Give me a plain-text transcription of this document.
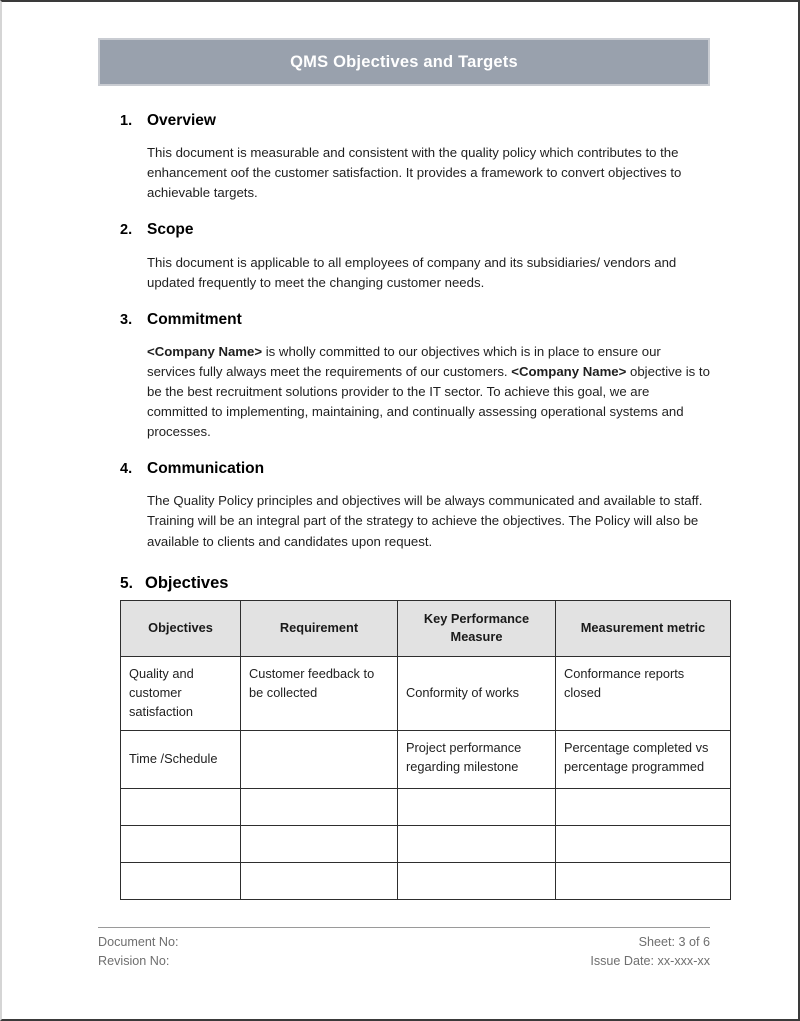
QMS Objectives and Targets
1. Overview

This document is measurable and consistent with the quality policy which contributes to the enhancement oof the customer satisfaction. It provides a framework to convert objectives to achievable targets.

2. Scope

This document is applicable to all employees of company and its subsidiaries/ vendors and updated frequently to meet the changing customer needs.

3. Commitment

<Company Name> is wholly committed to our objectives which is in place to ensure our services fully always meet the requirements of our customers. <Company Name> objective is to be the best recruitment solutions provider to the IT sector. To achieve this goal, we are committed to implementing, maintaining, and continually assessing operational systems and processes.

4. Communication

The Quality Policy principles and objectives will be always communicated and available to staff. Training will be an integral part of the strategy to achieve the objectives. The Policy will also be available to clients and candidates upon request.

5. Objectives
Objectives	Requirement	Key Performance Measure	Measurement metric
Quality and customer satisfaction	Customer feedback to be collected	Conformity of works	Conformance reports closed
Time /Schedule		Project performance regarding milestone	Percentage completed vs percentage programmed

Document No:	Sheet: 3 of 6
Revision No:	Issue Date: xx-xxx-xx
